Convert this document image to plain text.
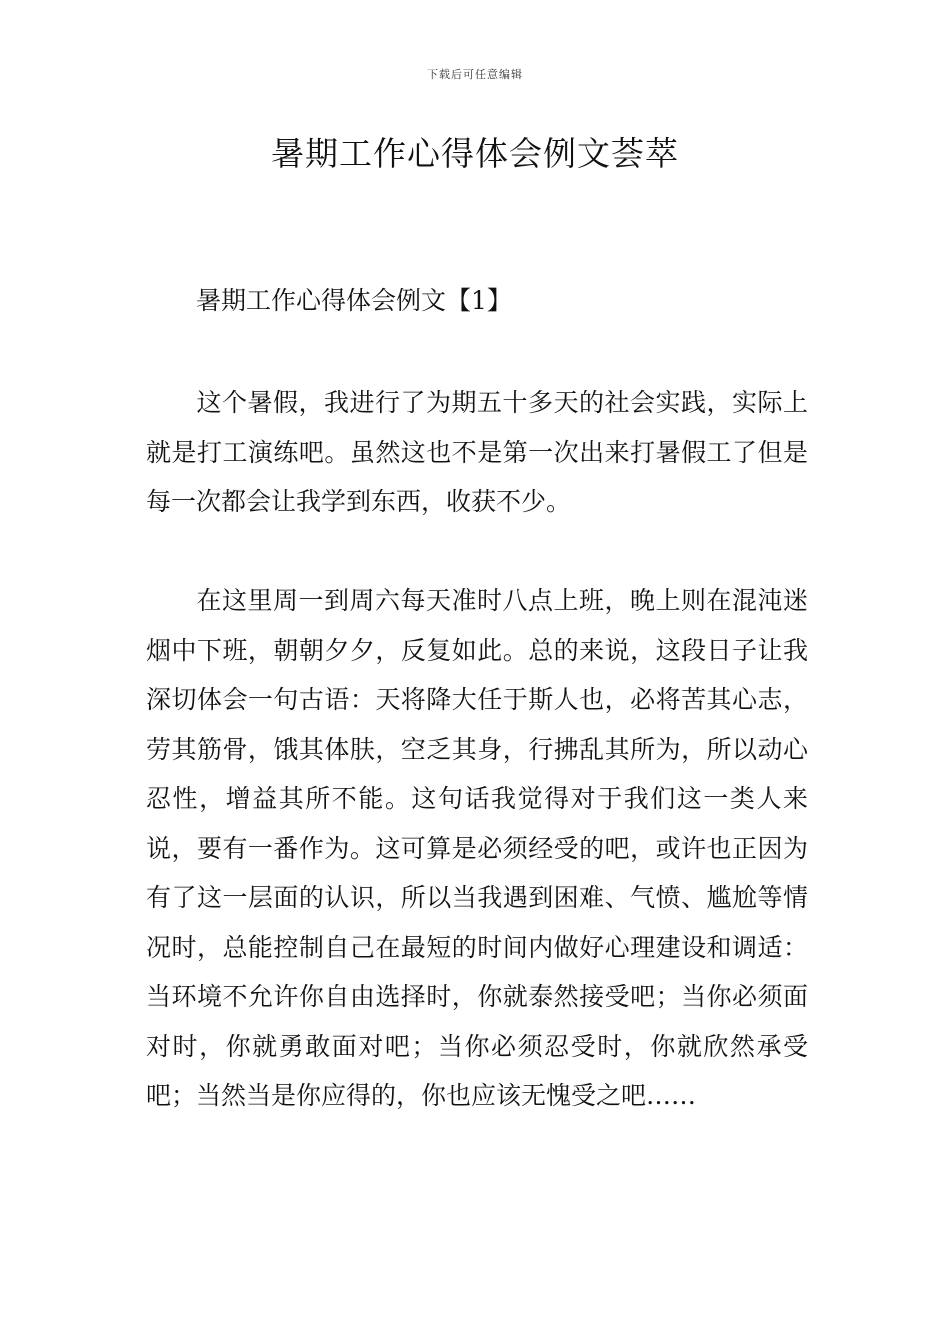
下载后可任意编辑
暑期工作心得体会例文荟萃
暑期工作心得体会例文【1】

这个暑假，我进行了为期五十多天的社会实践，实际上就是打工演练吧。虽然这也不是第一次出来打暑假工了但是每一次都会让我学到东西，收获不少。

在这里周一到周六每天准时八点上班，晚上则在混沌迷烟中下班，朝朝夕夕，反复如此。总的来说，这段日子让我深切体会一句古语：天将降大任于斯人也，必将苦其心志，劳其筋骨，饿其体肤，空乏其身，行拂乱其所为，所以动心忍性，增益其所不能。这句话我觉得对于我们这一类人来说，要有一番作为。这可算是必须经受的吧，或许也正因为有了这一层面的认识，所以当我遇到困难、气愤、尴尬等情况时，总能控制自己在最短的时间内做好心理建设和调适：当环境不允许你自由选择时，你就泰然接受吧；当你必须面对时，你就勇敢面对吧；当你必须忍受时，你就欣然承受吧；当然当是你应得的，你也应该无愧受之吧……
